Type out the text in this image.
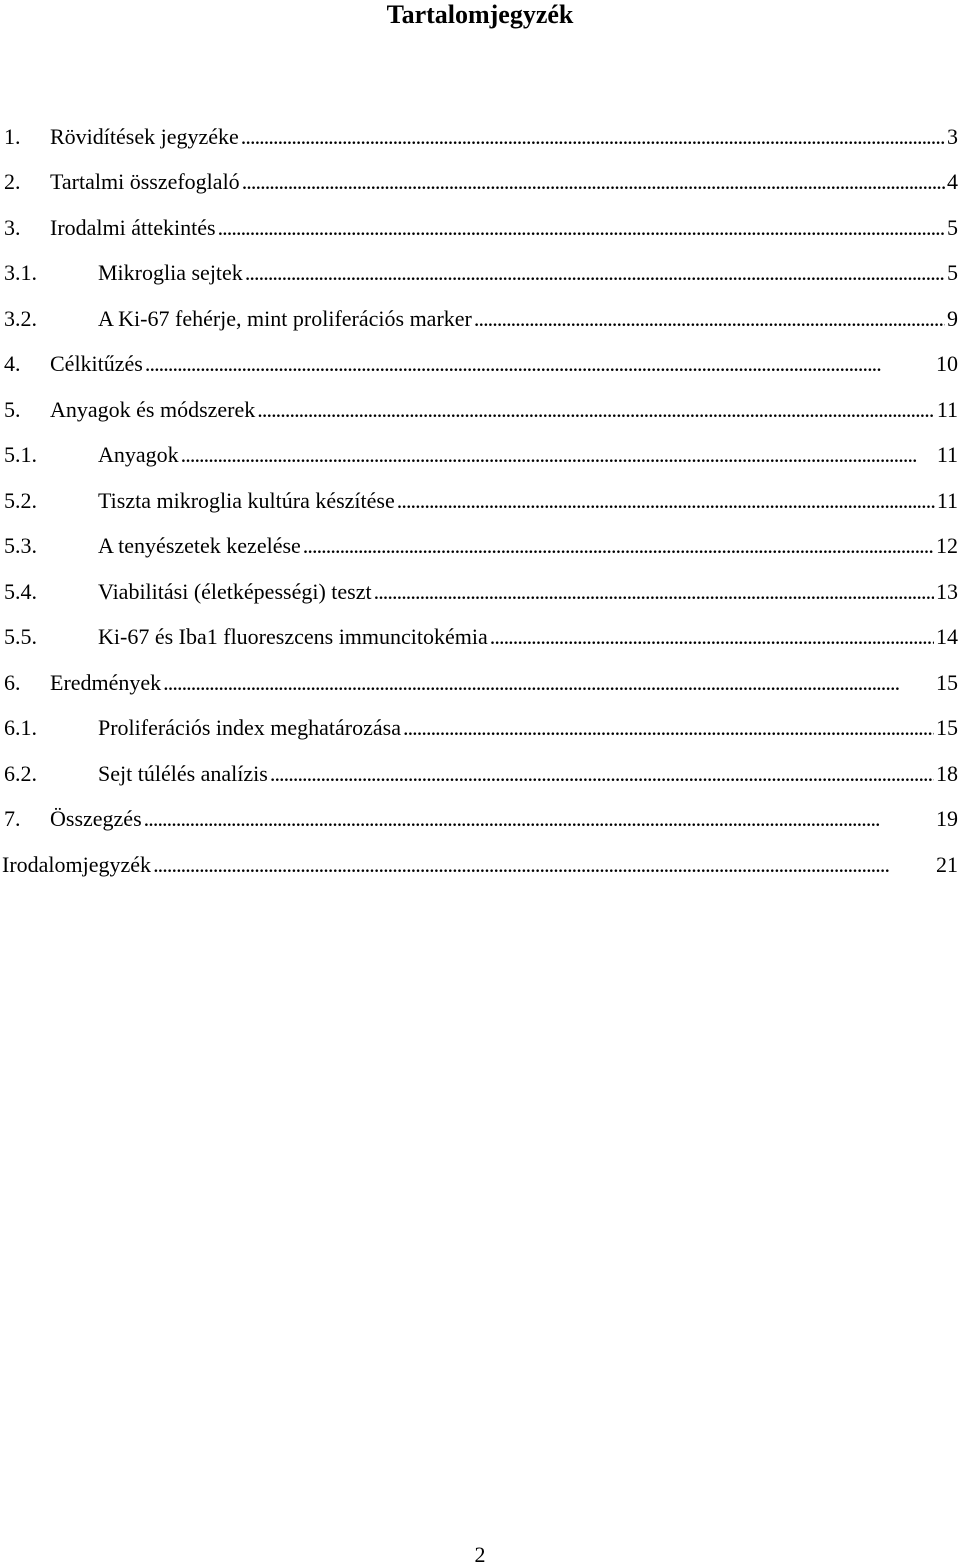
Tartalomjegyzék
1.	Rövidítések jegyzéke . . .	3
2.	Tartalmi összefoglaló . . .	4
3.	Irodalmi áttekintés . . .	5
3.1.	Mikroglia sejtek . . .	5
3.2.	A Ki-67 fehérje, mint proliferációs marker . . .	9
4.	Célkitűzés . . .	10
5.	Anyagok és módszerek . . .	11
5.1.	Anyagok . . .	11
5.2.	Tiszta mikroglia kultúra készítése . . .	11
5.3.	A tenyészetek kezelése . . .	12
5.4.	Viabilitási (életképességi) teszt . . .	13
5.5.	Ki-67 és Iba1 fluoreszcens immuncitokémia . . .	14
6.	Eredmények . . .	15
6.1.	Proliferációs index meghatározása . . .	15
6.2.	Sejt túlélés analízis . . .	18
7.	Összegzés . . .	19
Irodalomjegyzék . . .	21
2
